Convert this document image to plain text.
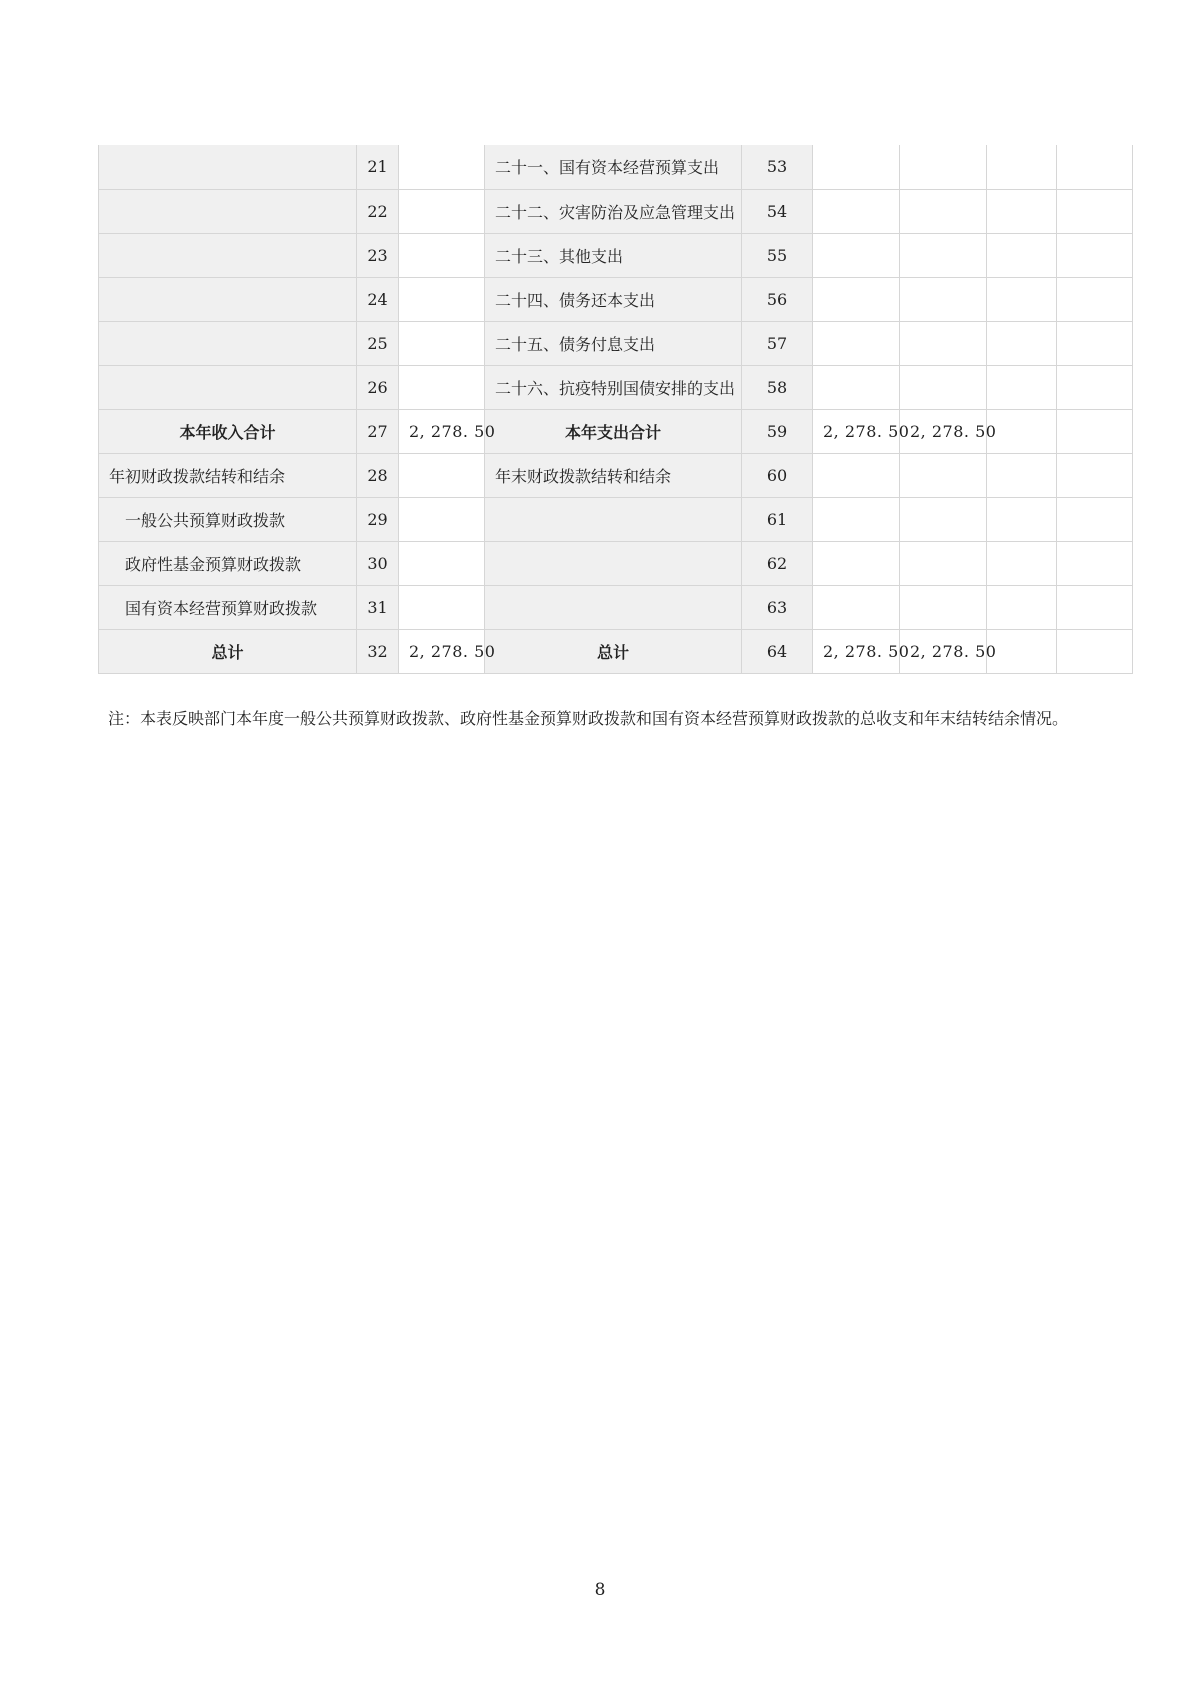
	21		二十一、国有资本经营预算支出	53				
	22		二十二、灾害防治及应急管理支出	54				
	23		二十三、其他支出	55				
	24		二十四、债务还本支出	56				
	25		二十五、债务付息支出	57				
	26		二十六、抗疫特别国债安排的支出	58				
本年收入合计	27	2, 278. 50	本年支出合计	59	2, 278. 50	2, 278. 50		
年初财政拨款结转和结余	28		年末财政拨款结转和结余	60				
一般公共预算财政拨款	29			61				
政府性基金预算财政拨款	30			62				
国有资本经营预算财政拨款	31			63				
总计	32	2, 278. 50	总计	64	2, 278. 50	2, 278. 50		
注：本表反映部门本年度一般公共预算财政拨款、政府性基金预算财政拨款和国有资本经营预算财政拨款的总收支和年末结转结余情况。
8
